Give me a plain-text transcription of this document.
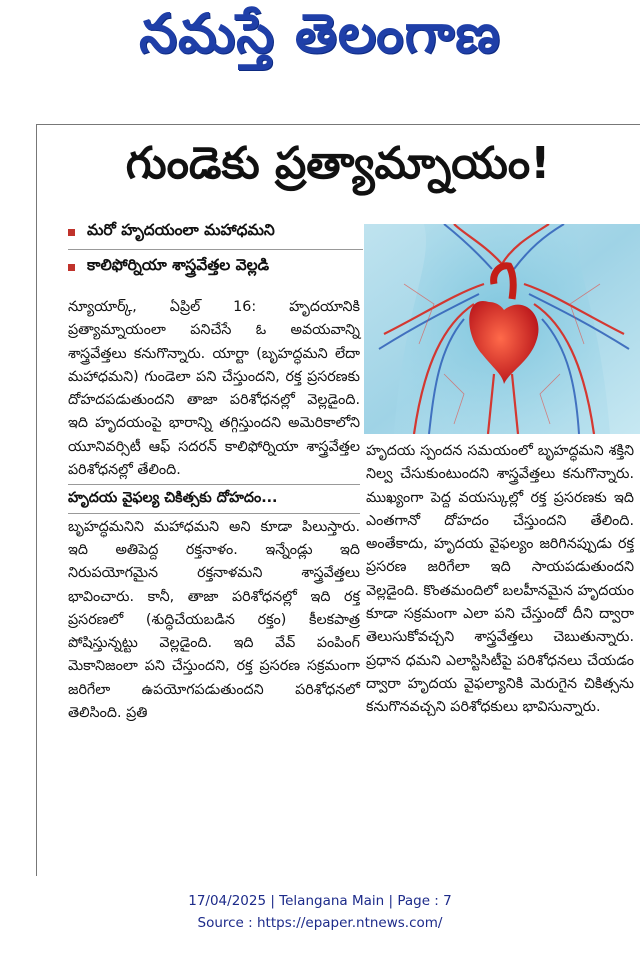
నమస్తే తెలంగాణ
గుండెకు ప్రత్యామ్నాయం!
మరో హృదయంలా మహాధమని
కాలిఫోర్నియా శాస్త్రవేత్తల వెల్లడి

న్యూయార్క్, ఏప్రిల్ 16: హృదయానికి ప్రత్యామ్నాయంలా పనిచేసే ఓ అవయవాన్ని శాస్త్రవేత్తలు కనుగొన్నారు. యార్టా (బృహద్ధమని లేదా మహాధమని) గుండెలా పని చేస్తుందని, రక్త ప్రసరణకు దోహదపడుతుందని తాజా పరిశోధనల్లో వెల్లడైంది. ఇది హృదయంపై భారాన్ని తగ్గిస్తుందని అమెరికాలోని యూనివర్సిటీ ఆఫ్ సదరన్ కాలిఫోర్నియా శాస్త్రవేత్తల పరిశోధనల్లో తేలింది.

హృదయ వైఫల్య చికిత్సకు దోహదం...

బృహద్ధమనిని మహాధమని అని కూడా పిలుస్తారు. ఇది అతిపెద్ద రక్తనాళం. ఇన్నేండ్లు ఇది నిరుపయోగమైన రక్తనాళమని శాస్త్రవేత్తలు భావించారు. కానీ, తాజా పరిశోధనల్లో ఇది రక్త ప్రసరణలో (శుద్ధిచేయబడిన రక్తం) కీలకపాత్ర పోషిస్తున్నట్టు వెల్లడైంది. ఇది వేవ్ పంపింగ్ మెకానిజంలా పని చేస్తుందని, రక్త ప్రసరణ సక్రమంగా జరిగేలా ఉపయోగపడుతుందని పరిశోధనలో తెలిసింది. ప్రతి

హృదయ స్పందన సమయంలో బృహద్ధమని శక్తిని నిల్వ చేసుకుంటుందని శాస్త్రవేత్తలు కనుగొన్నారు. ముఖ్యంగా పెద్ద వయస్కుల్లో రక్త ప్రసరణకు ఇది ఎంతగానో దోహదం చేస్తుందని తేలింది. అంతేకాదు, హృదయ వైఫల్యం జరిగినప్పుడు రక్త ప్రసరణ జరిగేలా ఇది సాయపడుతుందని వెల్లడైంది. కొంతమందిలో బలహీనమైన హృదయం కూడా సక్రమంగా ఎలా పని చేస్తుందో దీని ద్వారా తెలుసుకోవచ్చని శాస్త్రవేత్తలు చెబుతున్నారు. ప్రధాన ధమని ఎలాస్టిసిటీపై పరిశోధనలు చేయడం ద్వారా హృదయ వైఫల్యానికి మెరుగైన చికిత్సను కనుగొనవచ్చని పరిశోధకులు భావిసున్నారు.

17/04/2025 | Telangana Main | Page : 7
Source : https://epaper.ntnews.com/
